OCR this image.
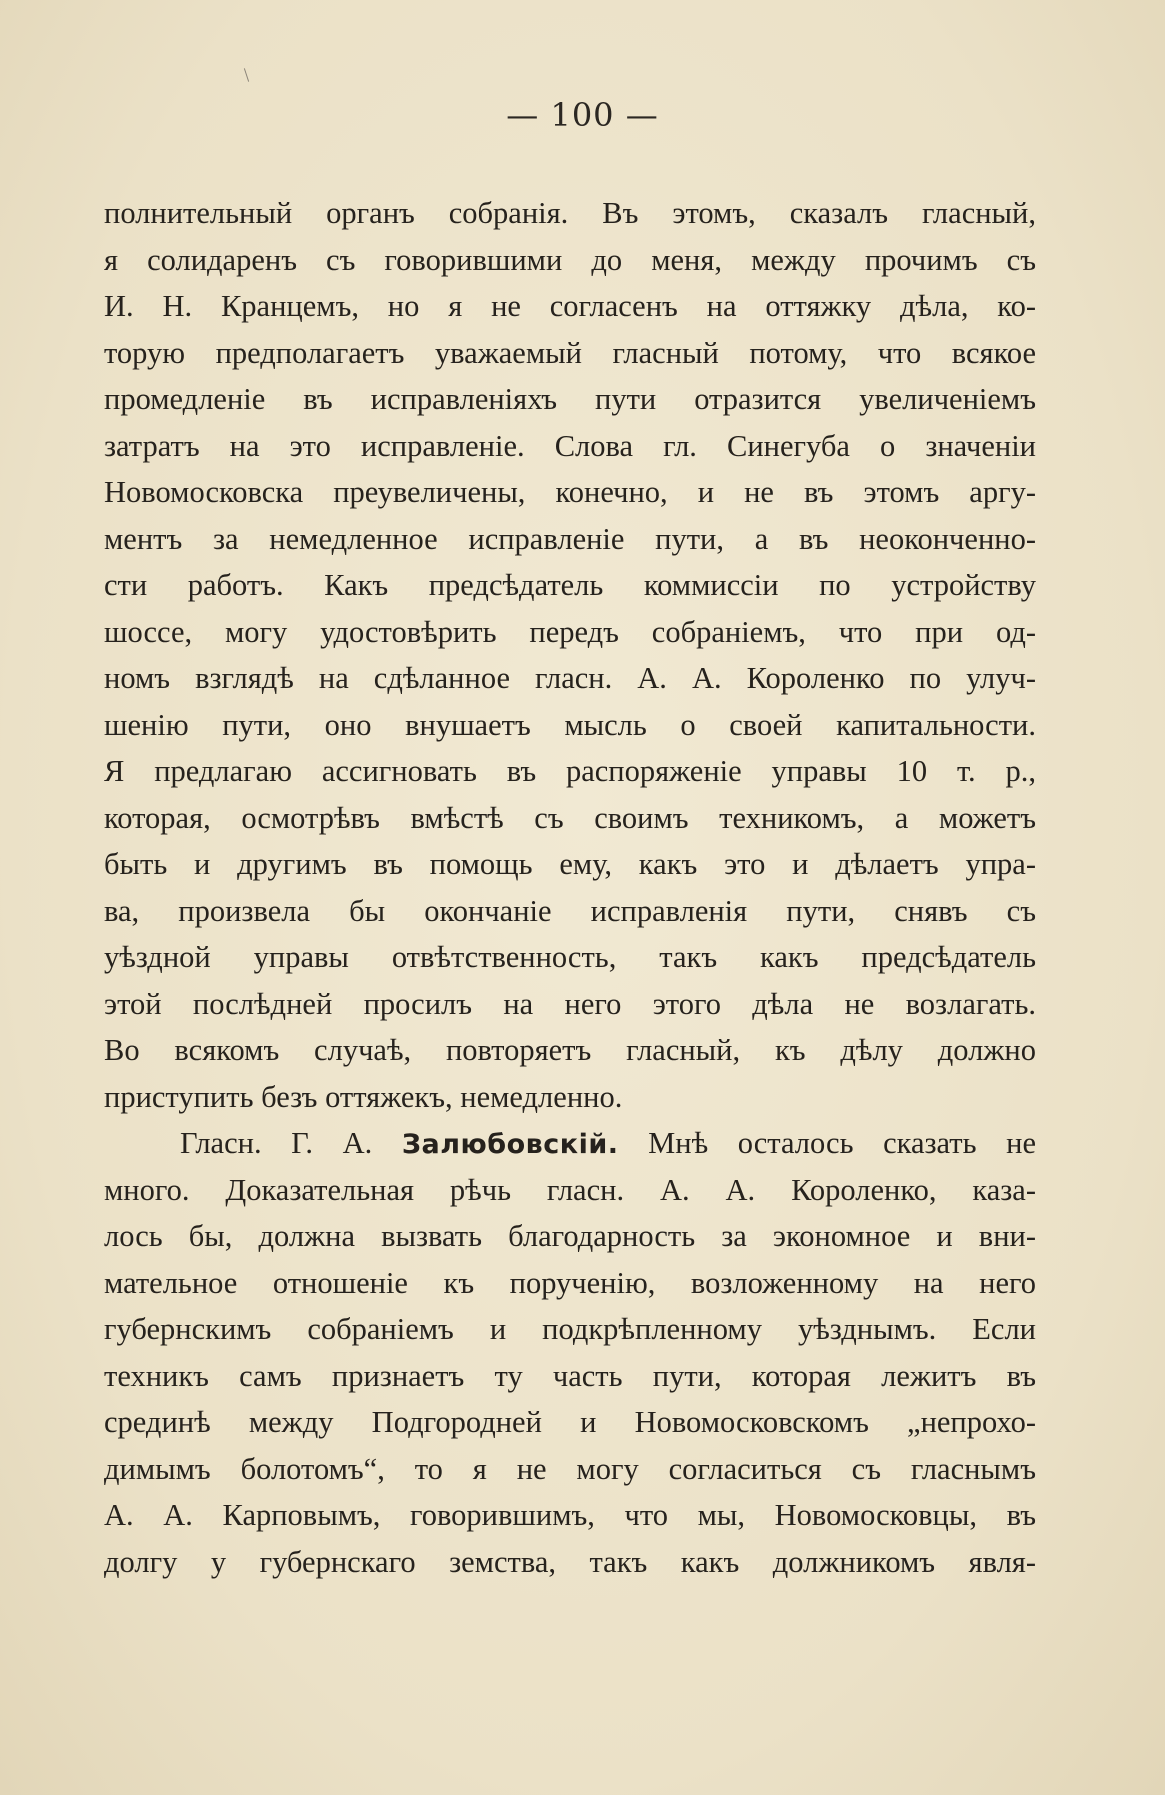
— 100 —
полнительный органъ собранія. Въ этомъ, сказалъ гласный,
я солидаренъ съ говорившими до меня, между прочимъ съ
И. Н. Кранцемъ, но я не согласенъ на оттяжку дѣла, ко-
торую предполагаетъ уважаемый гласный потому, что всякое
промедленіе въ исправленіяхъ пути отразится увеличеніемъ
затратъ на это исправленіе. Слова гл. Синегуба о значеніи
Новомосковска преувеличены, конечно, и не въ этомъ аргу-
ментъ за немедленное исправленіе пути, а въ неоконченно-
сти работъ. Какъ предсѣдатель коммиссіи по устройству
шоссе, могу удостовѣрить передъ собраніемъ, что при од-
номъ взглядѣ на сдѣланное гласн. А. А. Короленко по улуч-
шенію пути, оно внушаетъ мысль о своей капитальности.
Я предлагаю ассигновать въ распоряженіе управы 10 т. р.,
которая, осмотрѣвъ вмѣстѣ съ своимъ техникомъ, а можетъ
быть и другимъ въ помощь ему, какъ это и дѣлаетъ упра-
ва, произвела бы окончаніе исправленія пути, снявъ съ
уѣздной управы отвѣтственность, такъ какъ предсѣдатель
этой послѣдней просилъ на него этого дѣла не возлагать.
Во всякомъ случаѣ, повторяетъ гласный, къ дѣлу должно
приступить безъ оттяжекъ, немедленно.
Гласн. Г. А. Залюбовскій. Мнѣ осталось сказать не
много. Доказательная рѣчь гласн. А. А. Короленко, каза-
лось бы, должна вызвать благодарность за экономное и вни-
мательное отношеніе къ порученію, возложенному на него
губернскимъ собраніемъ и подкрѣпленному уѣзднымъ. Если
техникъ самъ признаетъ ту часть пути, которая лежитъ въ
срединѣ между Подгородней и Новомосковскомъ „непрохо-
димымъ болотомъ“, то я не могу согласиться съ гласнымъ
А. А. Карповымъ, говорившимъ, что мы, Новомосковцы, въ
долгу у губернскаго земства, такъ какъ должникомъ явля-
